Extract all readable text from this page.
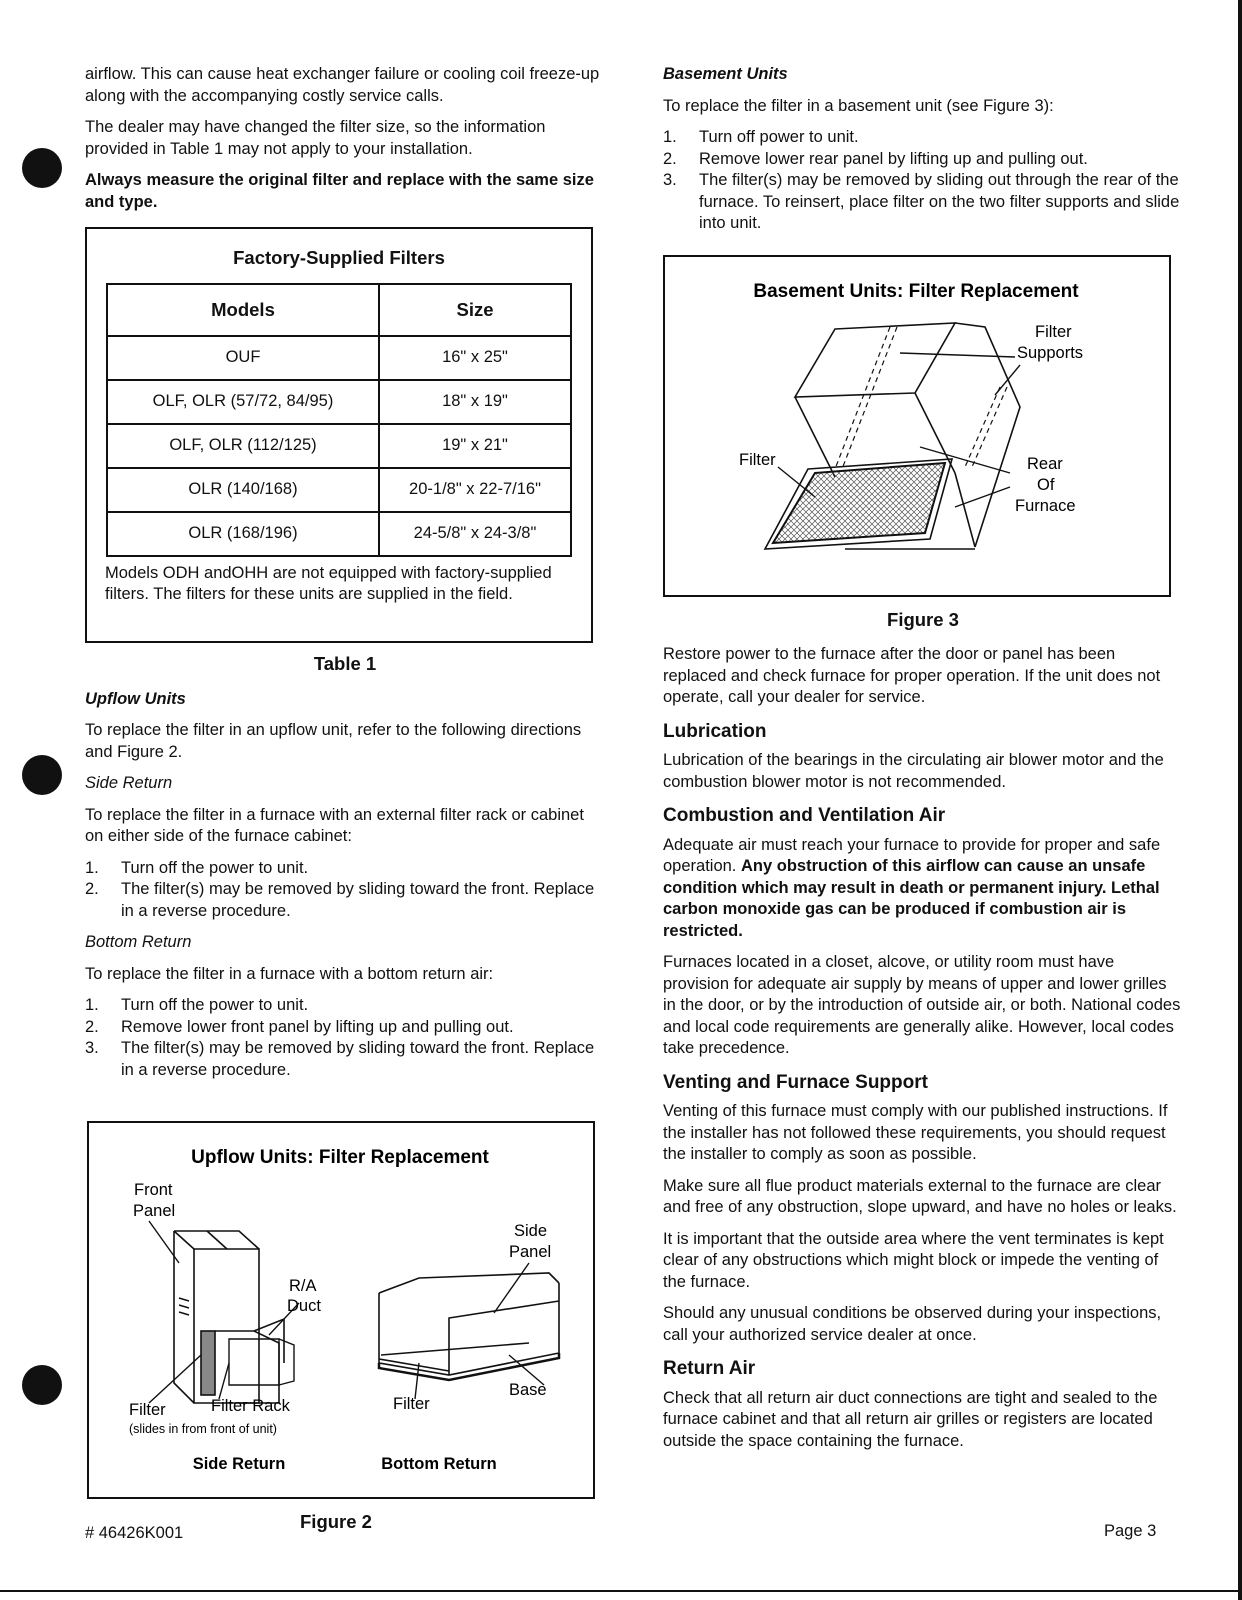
airflow. This can cause heat exchanger failure or cooling coil freeze-up along with the accompanying costly service calls.

The dealer may have changed the filter size, so the information provided in Table 1 may not apply to your installation.

Always measure the original filter and replace with the same size and type.

Factory-Supplied Filters
Models	Size
OUF	16" x 25"
OLF, OLR (57/72, 84/95)	18" x 19"
OLF, OLR (112/125)	19" x 21"
OLR (140/168)	20-1/8" x 22-7/16"
OLR (168/196)	24-5/8" x 24-3/8"

Models ODH andOHH are not equipped with factory-supplied filters. The filters for these units are supplied in the field.

Table 1

Upflow Units

To replace the filter in an upflow unit, refer to the following directions and Figure 2.

Side Return

To replace the filter in a furnace with an external filter rack or cabinet on either side of the furnace cabinet:

1. Turn off the power to unit.
2. The filter(s) may be removed by sliding toward the front. Replace in a reverse procedure.

Bottom Return

To replace the filter in a furnace with a bottom return air:

1. Turn off the power to unit.
2. Remove lower front panel by lifting up and pulling out.
3. The filter(s) may be removed by sliding toward the front. Replace in a reverse procedure.
Upflow Units: Filter Replacement
Front
Panel
R/A
Duct
Filter	Filter Rack
(slides in from front of unit)
Side
Panel
Filter
Base
Side Return	Bottom Return
Figure 2
# 46426K001

Basement Units

To replace the filter in a basement unit (see Figure 3):

1. Turn off power to unit.
2. Remove lower rear panel by lifting up and pulling out.
3. The filter(s) may be removed by sliding out through the rear of the furnace. To reinsert, place filter on the two filter supports and slide into unit.
Basement Units: Filter Replacement
Filter
Supports
Filter	Rear
Of
Furnace
Figure 3

Restore power to the furnace after the door or panel has been replaced and check furnace for proper operation. If the unit does not operate, call your dealer for service.

Lubrication

Lubrication of the bearings in the circulating air blower motor and the combustion blower motor is not recommended.

Combustion and Ventilation Air

Adequate air must reach your furnace to provide for proper and safe operation. Any obstruction of this airflow can cause an unsafe condition which may result in death or permanent injury. Lethal carbon monoxide gas can be produced if combustion air is restricted.

Furnaces located in a closet, alcove, or utility room must have provision for adequate air supply by means of upper and lower grilles in the door, or by the introduction of outside air, or both. National codes and local code requirements are generally alike. However, local codes take precedence.

Venting and Furnace Support

Venting of this furnace must comply with our published instructions. If the installer has not followed these requirements, you should request the installer to comply as soon as possible.

Make sure all flue product materials external to the furnace are clear and free of any obstruction, slope upward, and have no holes or leaks.

It is important that the outside area where the vent terminates is kept clear of any obstructions which might block or impede the venting of the furnace.

Should any unusual conditions be observed during your inspections, call your authorized service dealer at once.

Return Air

Check that all return air duct connections are tight and sealed to the furnace cabinet and that all return air grilles or registers are located outside the space containing the furnace.

Page 3
